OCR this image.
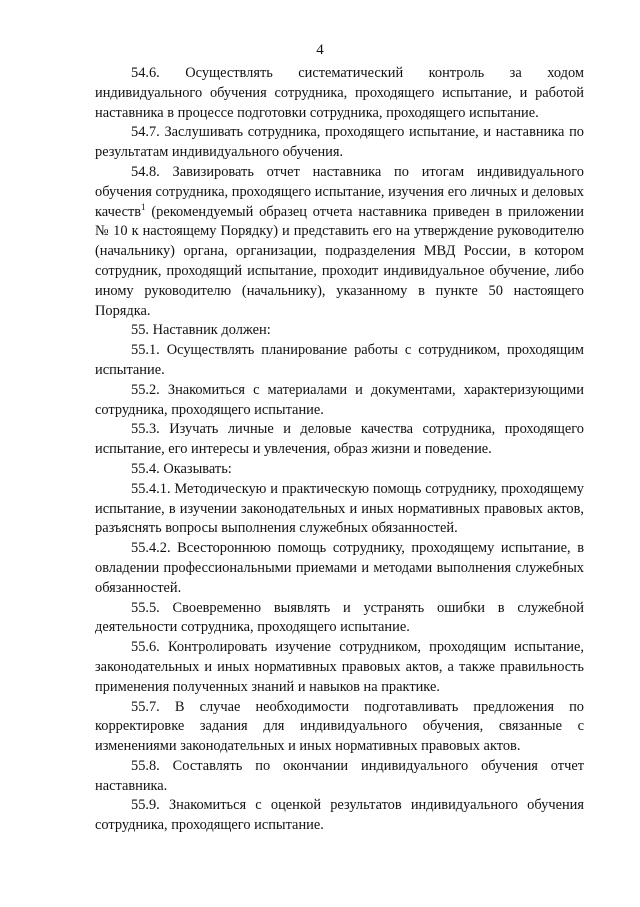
4

54.6. Осуществлять систематический контроль за ходом индивидуального обучения сотрудника, проходящего испытание, и работой наставника в процессе подготовки сотрудника, проходящего испытание.

54.7. Заслушивать сотрудника, проходящего испытание, и наставника по результатам индивидуального обучения.

54.8. Завизировать отчет наставника по итогам индивидуального обучения сотрудника, проходящего испытание, изучения его личных и деловых качеств$^1$ (рекомендуемый образец отчета наставника приведен в приложении № 10 к настоящему Порядку) и представить его на утверждение руководителю (начальнику) органа, организации, подразделения МВД России, в котором сотрудник, проходящий испытание, проходит индивидуальное обучение, либо иному руководителю (начальнику), указанному в пункте 50 настоящего Порядка.

55. Наставник должен:

55.1. Осуществлять планирование работы с сотрудником, проходящим испытание.

55.2. Знакомиться с материалами и документами, характеризующими сотрудника, проходящего испытание.

55.3. Изучать личные и деловые качества сотрудника, проходящего испытание, его интересы и увлечения, образ жизни и поведение.

55.4. Оказывать:

55.4.1. Методическую и практическую помощь сотруднику, проходящему испытание, в изучении законодательных и иных нормативных правовых актов, разъяснять вопросы выполнения служебных обязанностей.

55.4.2. Всестороннюю помощь сотруднику, проходящему испытание, в овладении профессиональными приемами и методами выполнения служебных обязанностей.

55.5. Своевременно выявлять и устранять ошибки в служебной деятельности сотрудника, проходящего испытание.

55.6. Контролировать изучение сотрудником, проходящим испытание, законодательных и иных нормативных правовых актов, а также правильность применения полученных знаний и навыков на практике.

55.7. В случае необходимости подготавливать предложения по корректировке задания для индивидуального обучения, связанные с изменениями законодательных и иных нормативных правовых актов.

55.8. Составлять по окончании индивидуального обучения отчет наставника.

55.9. Знакомиться с оценкой результатов индивидуального обучения сотрудника, проходящего испытание.
